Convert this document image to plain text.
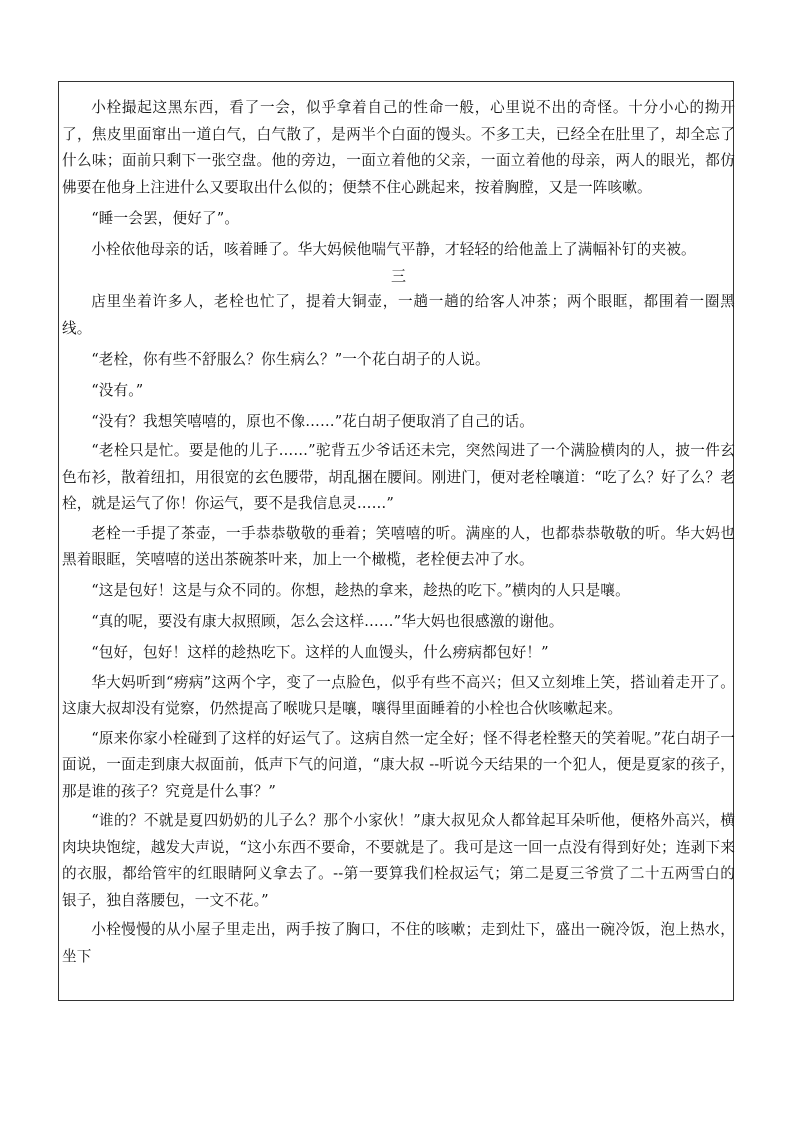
小栓撮起这黑东西，看了一会，似乎拿着自己的性命一般，心里说不出的奇怪。十分小心的拗开了，焦皮里面窜出一道白气，白气散了，是两半个白面的馒头。不多工夫，已经全在肚里了，却全忘了什么味；面前只剩下一张空盘。他的旁边，一面立着他的父亲，一面立着他的母亲，两人的眼光，都仿佛要在他身上注进什么又要取出什么似的；便禁不住心跳起来，按着胸膛，又是一阵咳嗽。

“睡一会罢，便好了”。

小栓依他母亲的话，咳着睡了。华大妈候他喘气平静，才轻轻的给他盖上了满幅补钉的夹被。

三

店里坐着许多人，老栓也忙了，提着大铜壶，一趟一趟的给客人冲茶；两个眼眶，都围着一圈黑线。

“老栓，你有些不舒服么？你生病么？”一个花白胡子的人说。

“没有。”

“没有？我想笑嘻嘻的，原也不像……”花白胡子便取消了自己的话。

“老栓只是忙。要是他的儿子……”驼背五少爷话还未完，突然闯进了一个满脸横肉的人，披一件玄色布衫，散着纽扣，用很宽的玄色腰带，胡乱捆在腰间。刚进门，便对老栓嚷道：“吃了么？好了么？老栓，就是运气了你！你运气，要不是我信息灵……”

老栓一手提了茶壶，一手恭恭敬敬的垂着；笑嘻嘻的听。满座的人，也都恭恭敬敬的听。华大妈也黑着眼眶，笑嘻嘻的送出茶碗茶叶来，加上一个橄榄，老栓便去冲了水。

“这是包好！这是与众不同的。你想，趁热的拿来，趁热的吃下。”横肉的人只是嚷。

“真的呢，要没有康大叔照顾，怎么会这样……”华大妈也很感激的谢他。

“包好，包好！这样的趁热吃下。这样的人血馒头，什么痨病都包好！”

华大妈听到“痨病”这两个字，变了一点脸色，似乎有些不高兴；但又立刻堆上笑，搭讪着走开了。这康大叔却没有觉察，仍然提高了喉咙只是嚷，嚷得里面睡着的小栓也合伙咳嗽起来。

“原来你家小栓碰到了这样的好运气了。这病自然一定全好；怪不得老栓整天的笑着呢。”花白胡子一面说，一面走到康大叔面前，低声下气的问道，“康大叔 --听说今天结果的一个犯人，便是夏家的孩子，那是谁的孩子？究竟是什么事？”

“谁的？不就是夏四奶奶的儿子么？那个小家伙！”康大叔见众人都耸起耳朵听他，便格外高兴，横肉块块饱绽，越发大声说，“这小东西不要命，不要就是了。我可是这一回一点没有得到好处；连剥下来的衣服，都给管牢的红眼睛阿义拿去了。--第一要算我们栓叔运气；第二是夏三爷赏了二十五两雪白的银子，独自落腰包，一文不花。”

小栓慢慢的从小屋子里走出，两手按了胸口，不住的咳嗽；走到灶下，盛出一碗冷饭，泡上热水，坐下
